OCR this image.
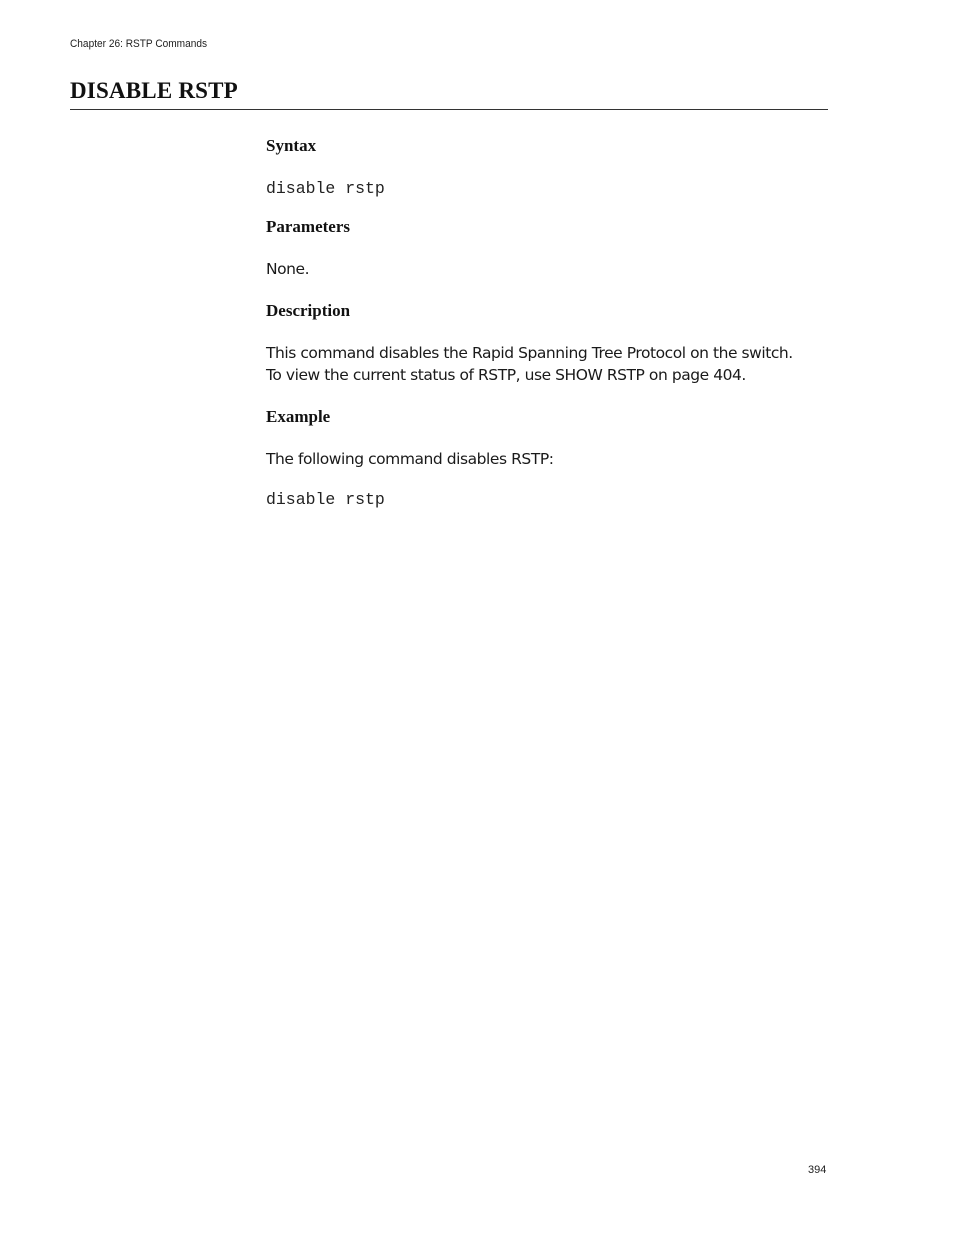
Chapter 26: RSTP Commands
DISABLE RSTP
Syntax

disable rstp

Parameters

None.

Description

This command disables the Rapid Spanning Tree Protocol on the switch.

To view the current status of RSTP, use SHOW RSTP on page 404.

Example

The following command disables RSTP:

disable rstp

394
